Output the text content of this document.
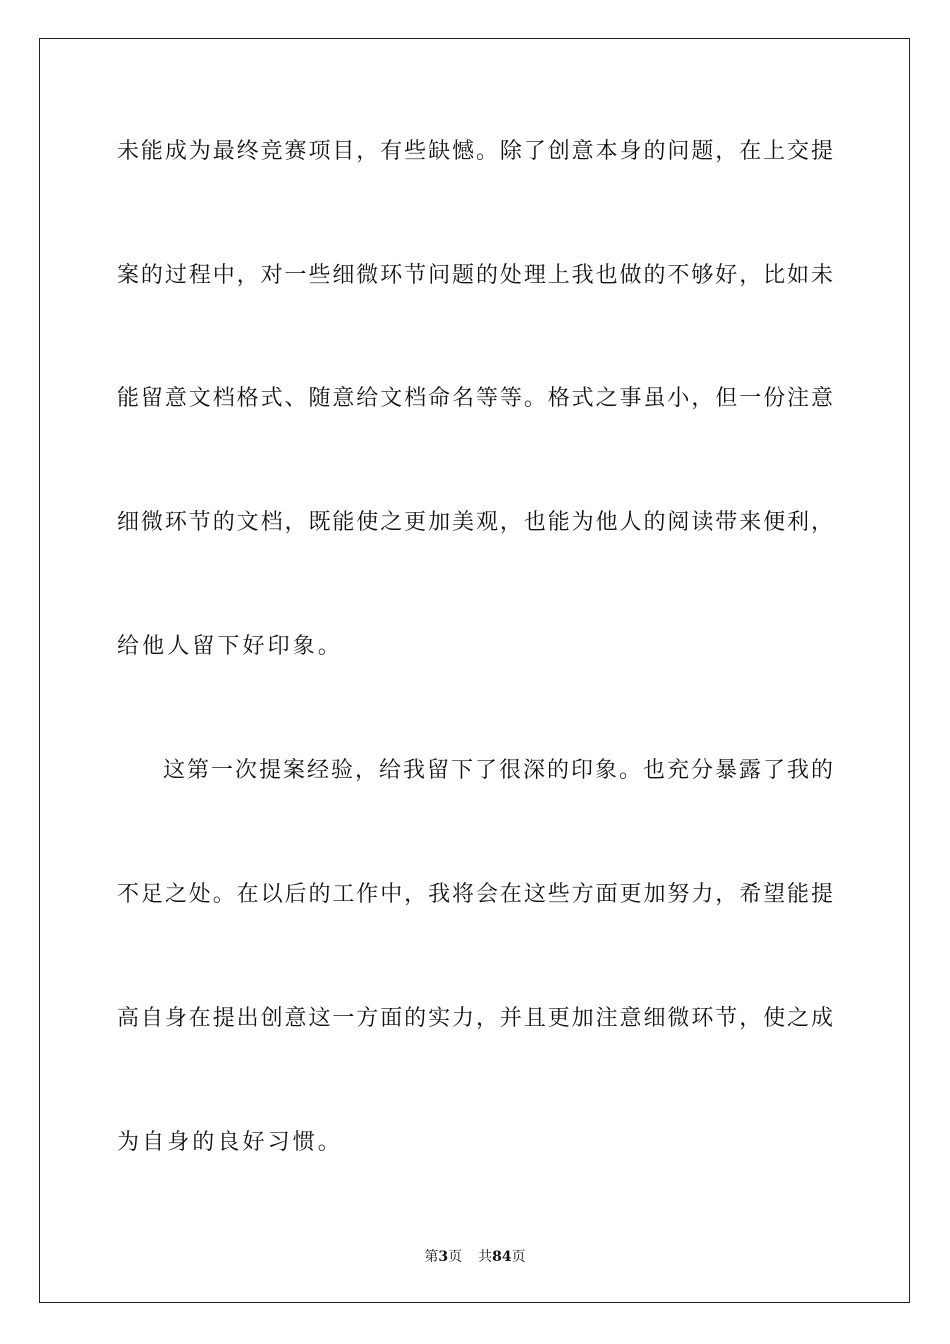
未能成为最终竞赛项目，有些缺憾。除了创意本身的问题，在上交提
案的过程中，对一些细微环节问题的处理上我也做的不够好，比如未
能留意文档格式、随意给文档命名等等。格式之事虽小，但一份注意
细微环节的文档，既能使之更加美观，也能为他人的阅读带来便利，
给他人留下好印象。
这第一次提案经验，给我留下了很深的印象。也充分暴露了我的
不足之处。在以后的工作中，我将会在这些方面更加努力，希望能提
高自身在提出创意这一方面的实力，并且更加注意细微环节，使之成
为自身的良好习惯。
第3页 共84页
